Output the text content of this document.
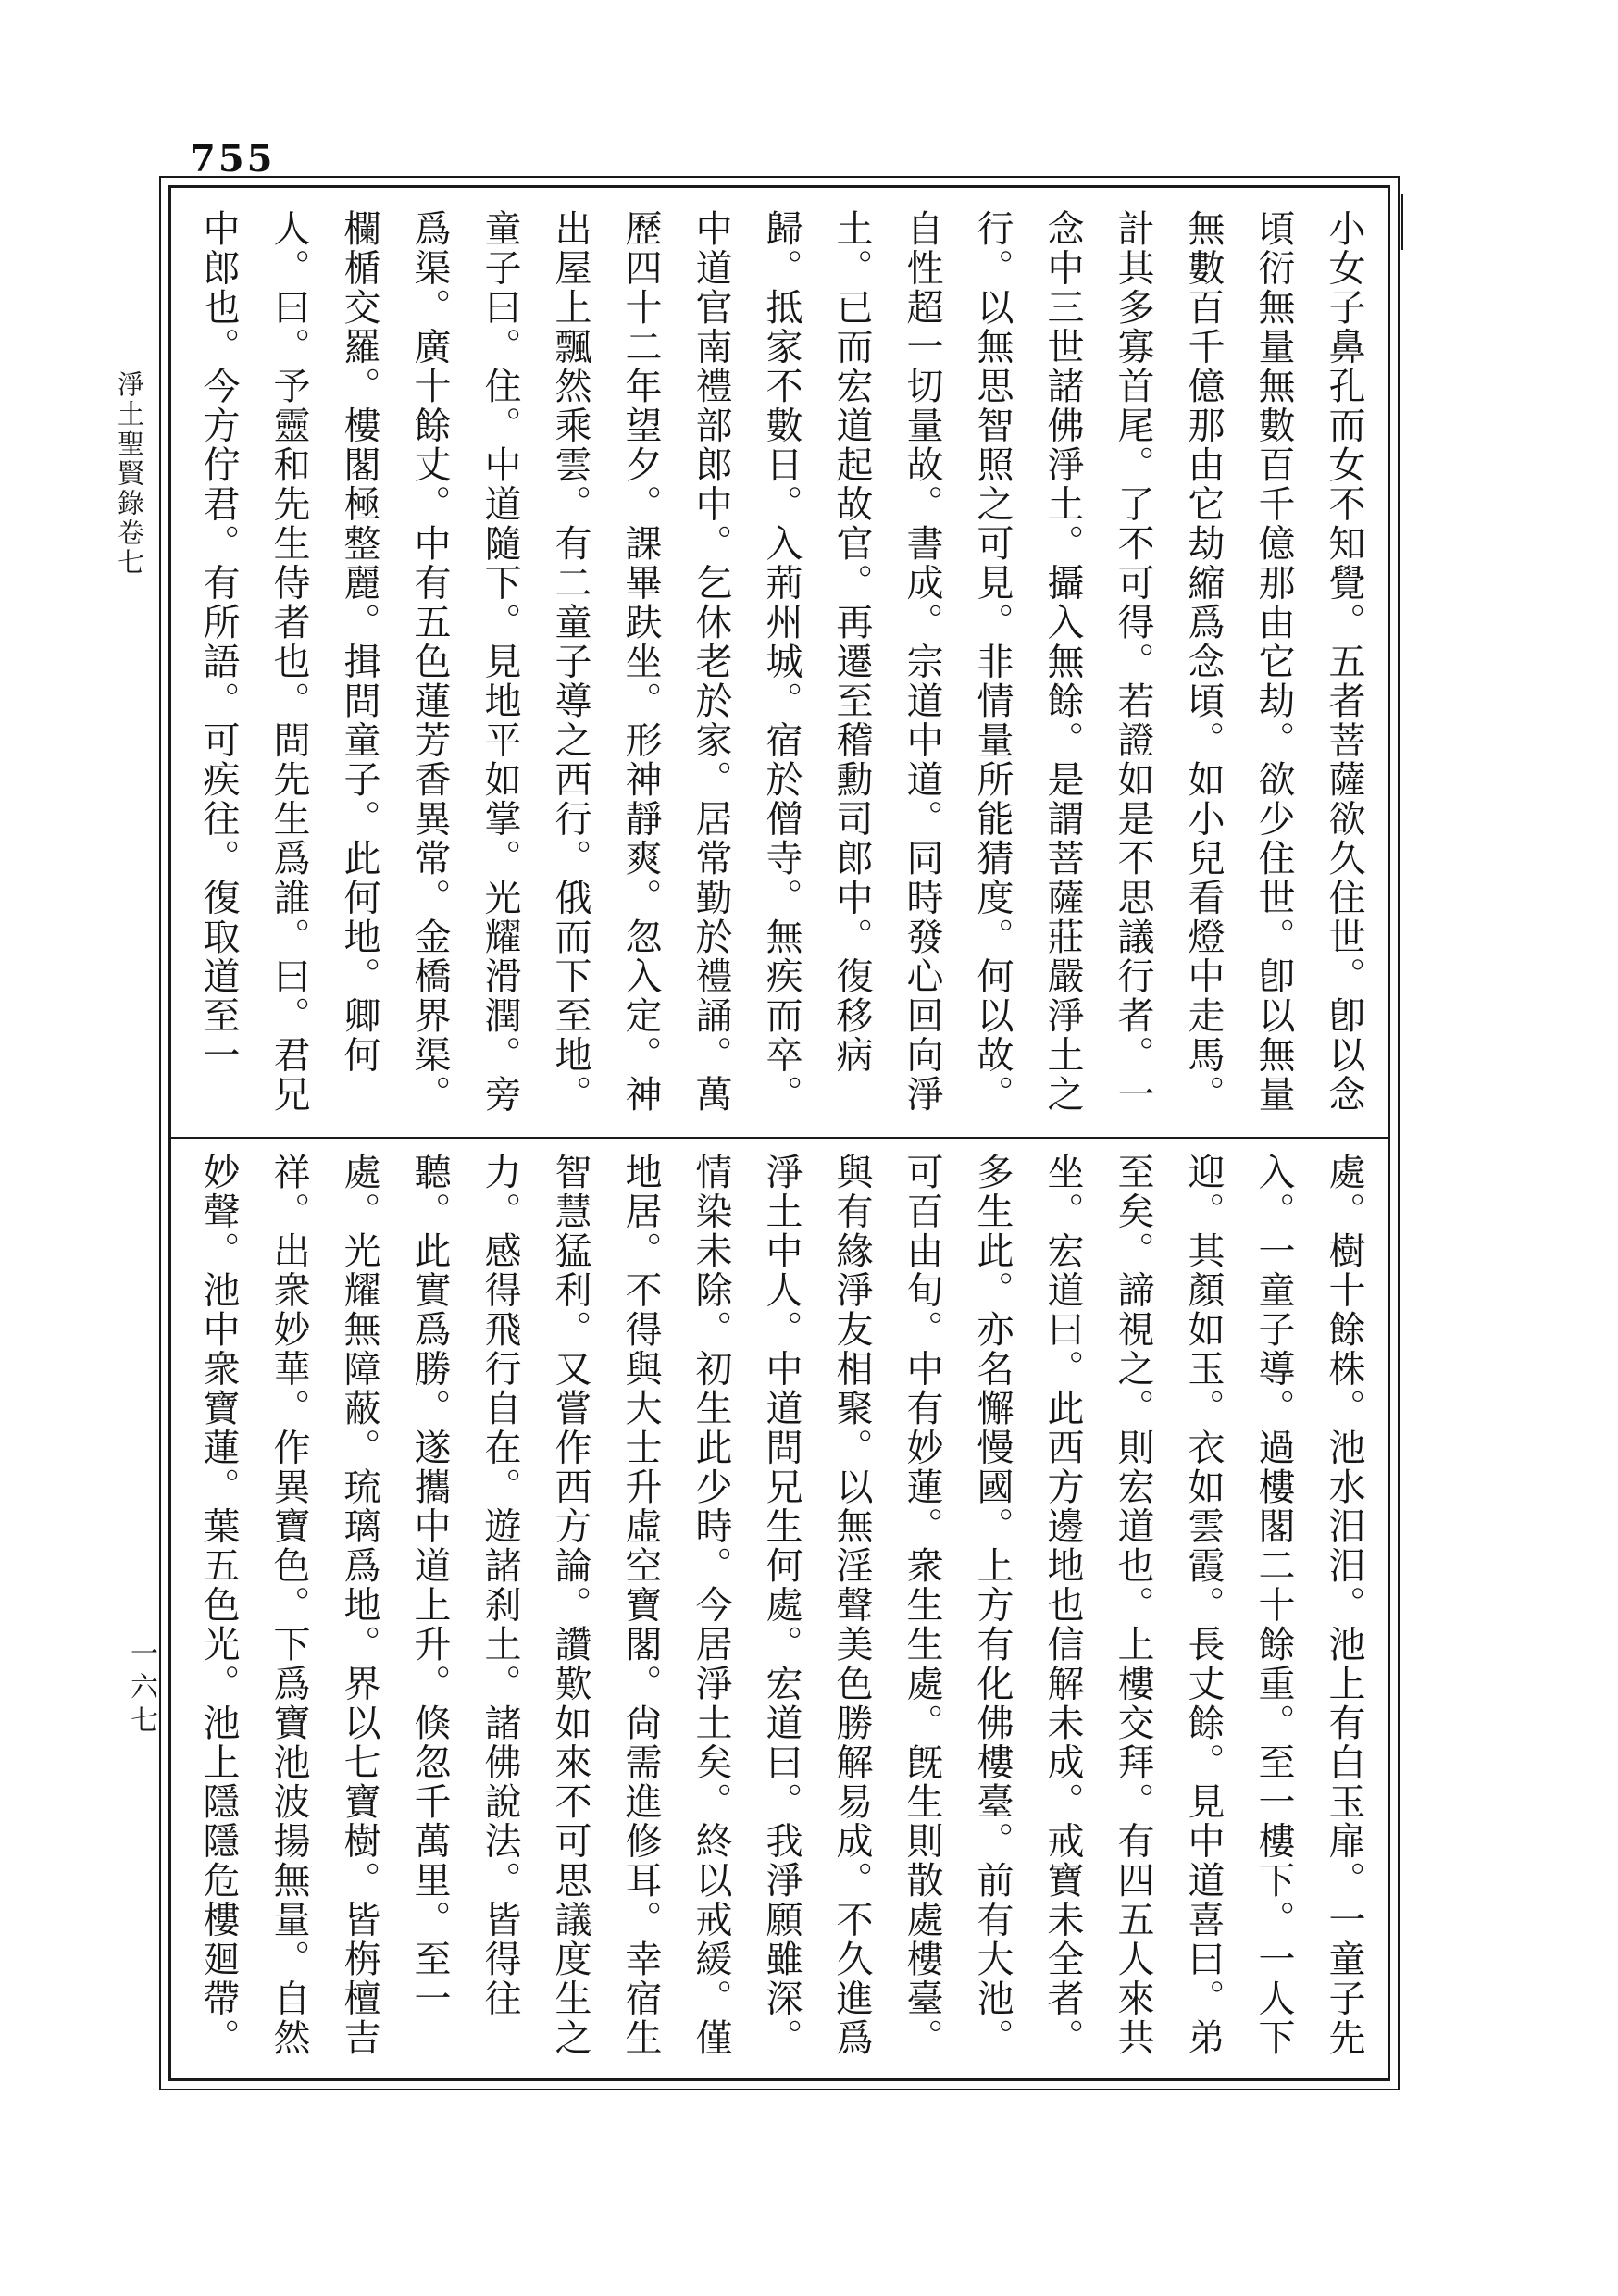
755
淨土聖賢錄卷七
一六七
小女子鼻孔而女不知覺。五者菩薩欲久住世。卽以念
頃衍無量無數百千億那由它劫。欲少住世。卽以無量
無數百千億那由它劫縮爲念頃。如小兒看燈中走馬。
計其多寡首尾。了不可得。若證如是不思議行者。一
念中三世諸佛淨土。攝入無餘。是謂菩薩莊嚴淨土之
行。以無思智照之可見。非情量所能猜度。何以故。
自性超一切量故。書成。宗道中道。同時發心回向淨
土。已而宏道起故官。再遷至稽勳司郎中。復移病
歸。抵家不數日。入荊州城。宿於僧寺。無疾而卒。
中道官南禮部郎中。乞休老於家。居常勤於禮誦。萬
歷四十二年望夕。課畢趺坐。形神靜爽。忽入定。神
出屋上飄然乘雲。有二童子導之西行。俄而下至地。
童子曰。住。中道隨下。見地平如掌。光耀滑潤。旁
爲渠。廣十餘丈。中有五色蓮芳香異常。金橋界渠。
欄楯交羅。樓閣極整麗。揖問童子。此何地。卿何
人。曰。予靈和先生侍者也。問先生爲誰。曰。君兄
中郎也。今方佇君。有所語。可疾往。復取道至一
處。樹十餘株。池水汨汨。池上有白玉扉。一童子先
入。一童子導。過樓閣二十餘重。至一樓下。一人下
迎。其顏如玉。衣如雲霞。長丈餘。見中道喜曰。弟
至矣。諦視之。則宏道也。上樓交拜。有四五人來共
坐。宏道曰。此西方邊地也信解未成。戒寶未全者。
多生此。亦名懈慢國。上方有化佛樓臺。前有大池。
可百由旬。中有妙蓮。衆生生處。旣生則散處樓臺。
與有緣淨友相聚。以無淫聲美色勝解易成。不久進爲
淨土中人。中道問兄生何處。宏道曰。我淨願雖深。
情染未除。初生此少時。今居淨土矣。終以戒緩。僅
地居。不得與大士升虛空寶閣。尙需進修耳。幸宿生
智慧猛利。又嘗作西方論。讚歎如來不可思議度生之
力。感得飛行自在。遊諸刹土。諸佛說法。皆得往
聽。此實爲勝。遂攜中道上升。倏忽千萬里。至一
處。光耀無障蔽。琉璃爲地。界以七寶樹。皆栴檀吉
祥。出衆妙華。作異寶色。下爲寶池波揚無量。自然
妙聲。池中衆寶蓮。葉五色光。池上隱隱危樓廻帶。
